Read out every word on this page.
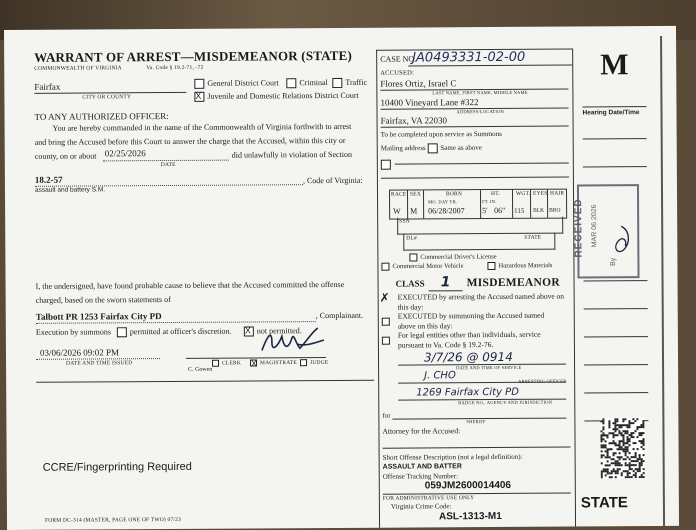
WARRANT OF ARREST—MISDEMEANOR (STATE)
COMMONWEALTH OF VIRGINIA	Va. Code § 19.2-71, -72
Fairfax
CITY OR COUNTY
General District Court	Criminal	Traffic
XJuvenile and Domestic Relations District Court
TO ANY AUTHORIZED OFFICER:
You are hereby commanded in the name of the Commonwealth of Virginia forthwith to arrest
and bring the Accused before this Court to answer the charge that the Accused, within this city or
county, on or about 02/25/2026
DATE
did unlawfully in violation of Section
18.2-57	, Code of Virginia:
assault and battery S.M.
I, the undersigned, have found probable cause to believe that the Accused committed the offense
charged, based on the sworn statements of
Talbott PR 1253 Fairfax City PD	, Complainant.
Execution by summons	permitted at officer's discretion. X	not permitted.
03/06/2026 09:02 PM
DATE AND TIME ISSUED	CLERK X	MAGISTRATE	JUDGE
C. Gowen
CCRE/Fingerprinting Required
FORM DC-314 (MASTER, PAGE ONE OF TWO) 07/23
CASE NO.
JA0493331-02-00
ACCUSED:
Flores Ortiz, Israel C
LAST NAME, FIRST NAME, MIDDLE NAME
10400 Vineyard Lane #322
ADDRESS/LOCATION
Fairfax, VA 22030
To be completed upon service as Summons
Mailing address Same as above
RACE SEX	BORN	HT.	WGT. EYES HAIR
MO. DAY YR.	FT. IN.
W M 06/28/2007 5' 06" 115 BLK BRO
SSN
DL#	STATE
Commercial Driver's License
Commercial Motor Vehicle	Hazardous Materials
CLASS 1 MISDEMEANOR
✗ EXECUTED by arresting the Accused named above on
this day:
EXECUTED by summoning the Accused named
above on this day:
For legal entities other than individuals, service
pursuant to Va. Code § 19.2-76.
3/7/26 @ 0914
DATE AND TIME OF SERVICE
J. CHO	ARRESTING OFFICER
1269 Fairfax City PD
BADGE NO., AGENCY AND JURISDICTION
for
SHERIFF
Attorney for the Accused:
Short Offense Description (not a legal definition):
ASSAULT AND BATTER
Offense Tracking Number:
059JM2600014406
FOR ADMINISTRATIVE USE ONLY
Virginia Crime Code:
ASL-1313-M1
M
Hearing Date/Time
RECEIVED MAR 06 2026
By
STATE
